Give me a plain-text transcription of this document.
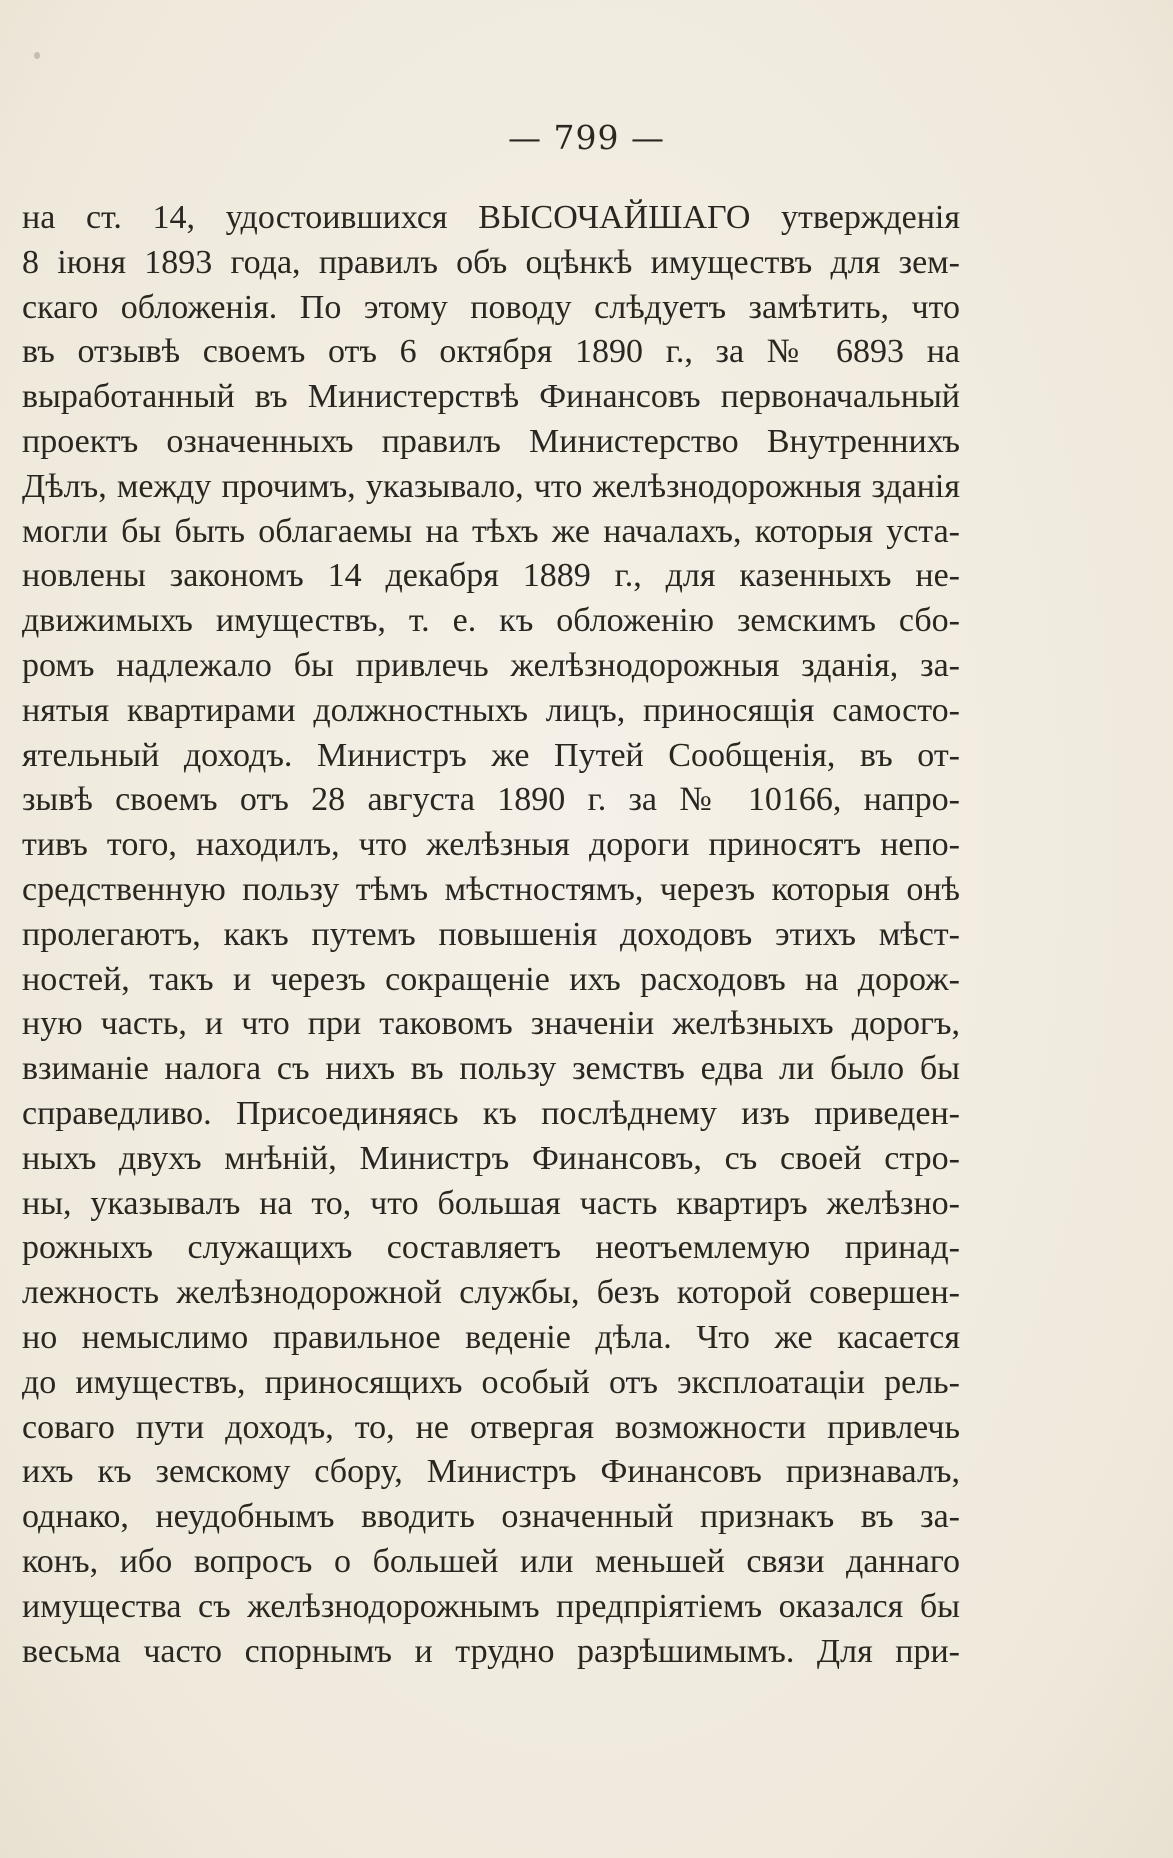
— 799 —
на ст. 14, удостоившихся ВЫСОЧАЙШАГО утвержденія
8 іюня 1893 года, правилъ объ оцѣнкѣ имуществъ для зем-
скаго обложенія. По этому поводу слѣдуетъ замѣтить, что
въ отзывѣ своемъ отъ 6 октября 1890 г., за № 6893 на
выработанный въ Министерствѣ Финансовъ первоначальный
проектъ означенныхъ правилъ Министерство Внутреннихъ
Дѣлъ, между прочимъ, указывало, что желѣзнодорожныя зданія
могли бы быть облагаемы на тѣхъ же началахъ, которыя уста-
новлены закономъ 14 декабря 1889 г., для казенныхъ не-
движимыхъ имуществъ, т. е. къ обложенію земскимъ сбо-
ромъ надлежало бы привлечь желѣзнодорожныя зданія, за-
нятыя квартирами должностныхъ лицъ, приносящія самосто-
ятельный доходъ. Министръ же Путей Сообщенія, въ от-
зывѣ своемъ отъ 28 августа 1890 г. за № 10166, напро-
тивъ того, находилъ, что желѣзныя дороги приносятъ непо-
средственную пользу тѣмъ мѣстностямъ, черезъ которыя онѣ
пролегаютъ, какъ путемъ повышенія доходовъ этихъ мѣст-
ностей, такъ и черезъ сокращеніе ихъ расходовъ на дорож-
ную часть, и что при таковомъ значеніи желѣзныхъ дорогъ,
взиманіе налога съ нихъ въ пользу земствъ едва ли было бы
справедливо. Присоединяясь къ послѣднему изъ приведен-
ныхъ двухъ мнѣній, Министръ Финансовъ, съ своей стро-
ны, указывалъ на то, что большая часть квартиръ желѣзно-
рожныхъ служащихъ составляетъ неотъемлемую принад-
лежность желѣзнодорожной службы, безъ которой совершен-
но немыслимо правильное веденіе дѣла. Что же касается
до имуществъ, приносящихъ особый отъ эксплоатаціи рель-
соваго пути доходъ, то, не отвергая возможности привлечь
ихъ къ земскому сбору, Министръ Финансовъ признавалъ,
однако, неудобнымъ вводить означенный признакъ въ за-
конъ, ибо вопросъ о большей или меньшей связи даннаго
имущества съ желѣзнодорожнымъ предпріятіемъ оказался бы
весьма часто спорнымъ и трудно разрѣшимымъ. Для при-
